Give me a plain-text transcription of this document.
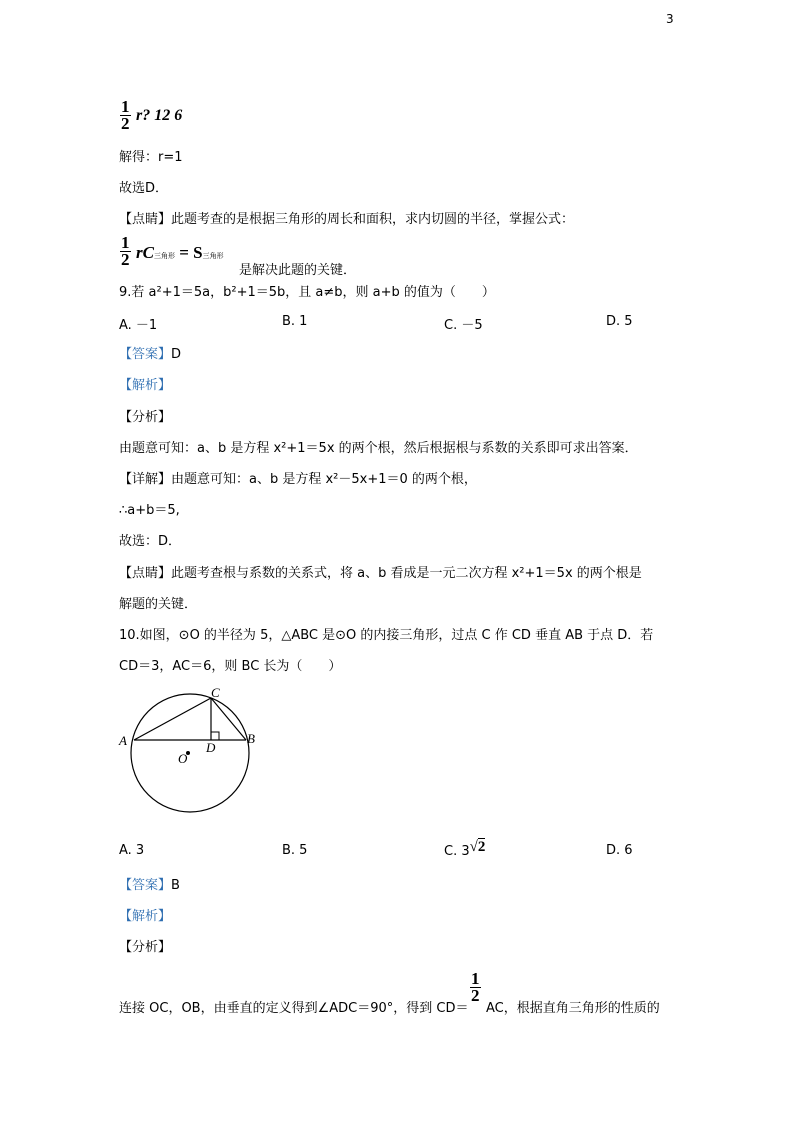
3
$\frac{1}{2} r$? 12 6
解得：r=1
故选D．
【点睛】此题考查的是根据三角形的周长和面积，求内切圆的半径，掌握公式：
$\frac{1}{2}$ rC三角形 = S三角形
是解决此题的关键．
9.若 a²+1＝5a，b²+1＝5b，且 a≠b，则 a+b 的值为（　　）
A. －1	B. 1	C. －5	D. 5
【答案】D
【解析】
【分析】
由题意可知：a、b 是方程 x²+1＝5x 的两个根，然后根据根与系数的关系即可求出答案．
【详解】由题意可知：a、b 是方程 x²－5x+1＝0 的两个根，
∴a+b＝5,
故选：D．
【点睛】此题考查根与系数的关系式，将 a、b 看成是一元二次方程 x²+1＝5x 的两个根是
解题的关键．
10.如图，⊙O 的半径为 5，△ABC 是⊙O 的内接三角形，过点 C 作 CD 垂直 AB 于点 D．若
CD＝3，AC＝6，则 BC 长为（　　）
A	B
C
D
O
A. 3	B. 5	C. 3√2	D. 6
【答案】B
【解析】
【分析】
连接 OC，OB，由垂直的定义得到∠ADC＝90°，得到 CD＝
$\frac{1}{2}$
AC，根据直角三角形的性质的
